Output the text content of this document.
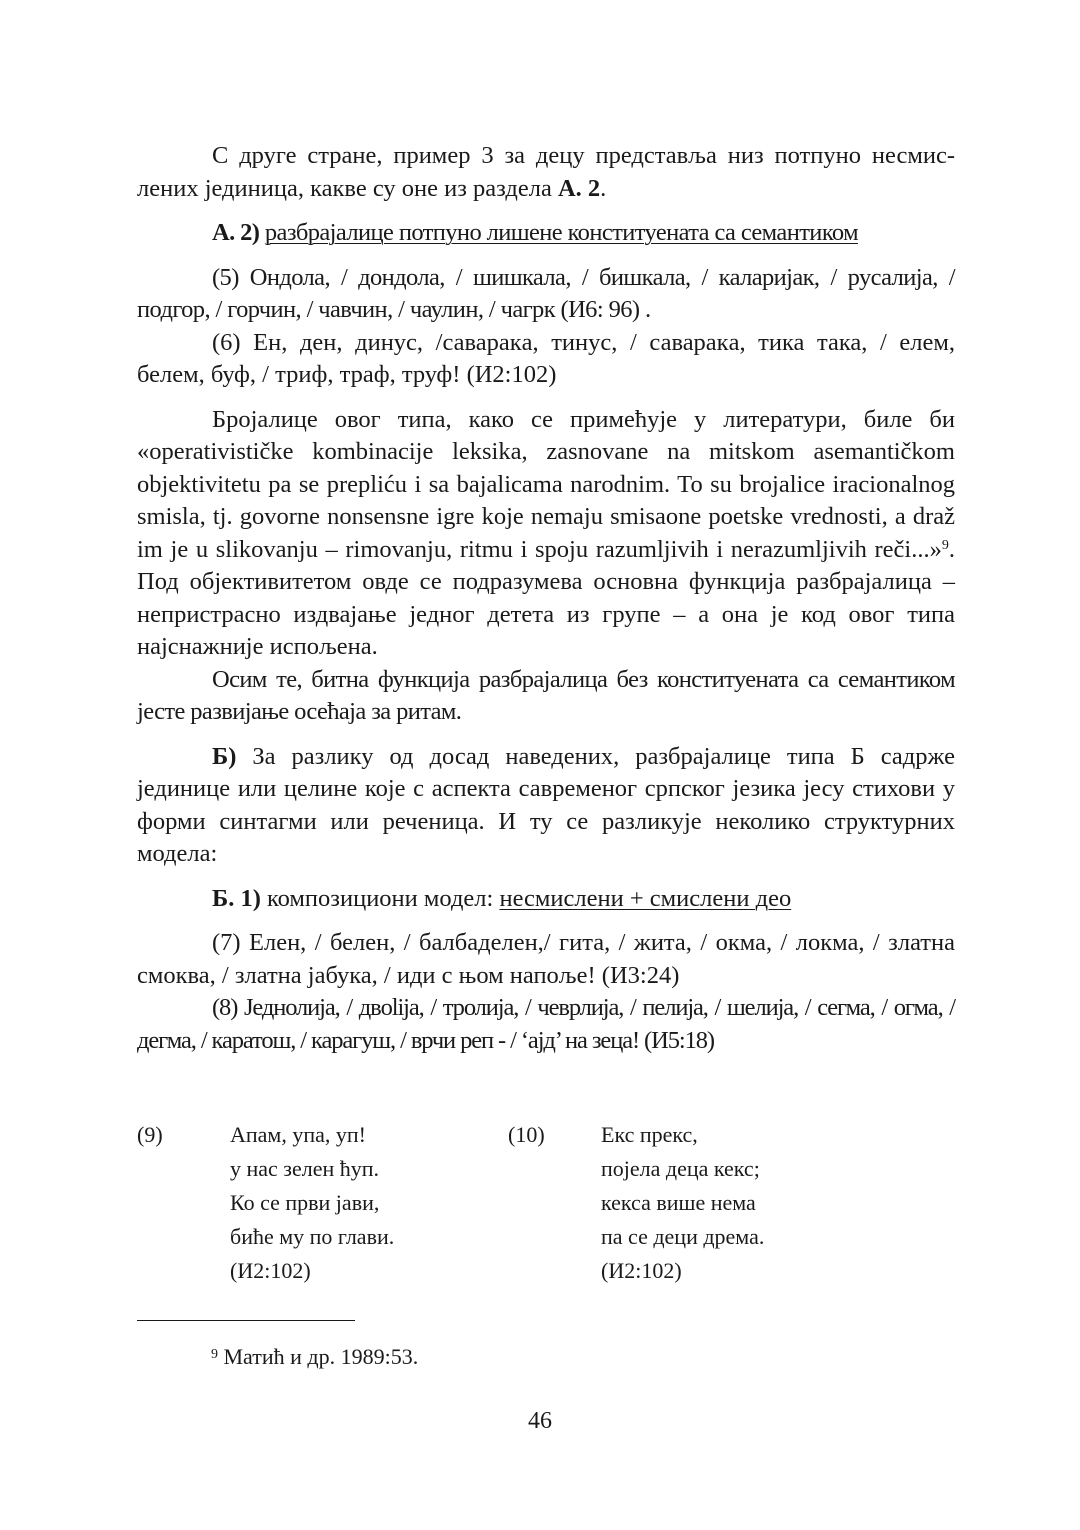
С друге стране, пример 3 за децу представља низ потпуно несмислених јединица, какве су оне из раздела А. 2.

А. 2) разбрајалице потпуно лишене конституената са семантиком

(5) Ондола, / дондола, / шишкала, / бишкала, / каларијак, / русалија, / подгор, / горчин, / чавчин, / чаулин, / чагрк (И6: 96) .

(6) Ен, ден, динус, /саваракa, тинус, / саваракa, тика така, / елем, белем, буф, / триф, траф, труф! (И2:102)

Бројалице овог типа, како се примећује у литератури, биле би «operativističke kombinacije leksika, zasnovane na mitskom asemantičkom objektivitetu pa se prepliću i sa bajalicama narodnim. To su brojalice iracionalnog smisla, tj. govorne nonsensne igre koje nemaju smisaone poetske vrednosti, a draž im je u slikovanju – rimovanju, ritmu i spoju razumljivih i nerazumljivih reči...»$^9$. Под објективитетом овде се подразумева основна функција разбрајалица – непристрасно издвајање једног детета из групе – а она је код овог типа најснажније испољена.

Осим те, битна функција разбрајалица без конституената са семантиком јесте развијање осећаја за ритам.

Б) За разлику од досад наведених, разбрајалице типа Б садрже јединице или целине које с аспекта савременог српског језика јесу стихови у форми синтагми или реченица. И ту се разликује неколико структурних модела:

Б. 1) композициони модел: несмислени + смислени део

(7) Елен, / белен, / балбаделен,/ гита, / жита, / окма, / локма, / златна смоква, / златна јабука, / иди с њом напоље! (И3:24)

(8) Једнолија, / двolija, / тролија, / чеврлија, / пелија, / шелија, / сегма, / огма, / дегма, / каратош, / карагуш, / врчи реп - / ‘ајд’ на зеца! (И5:18)

(9)	Апам, упа, уп!
у нас зелен ћуп.
Ко се први јави,
биће му по глави.
(И2:102)
(10)	Екс прекс,
појела деца кекс;
кекса више нема
па се деци дрема.
(И2:102)
$^9$ Матић и др. 1989:53.
46
